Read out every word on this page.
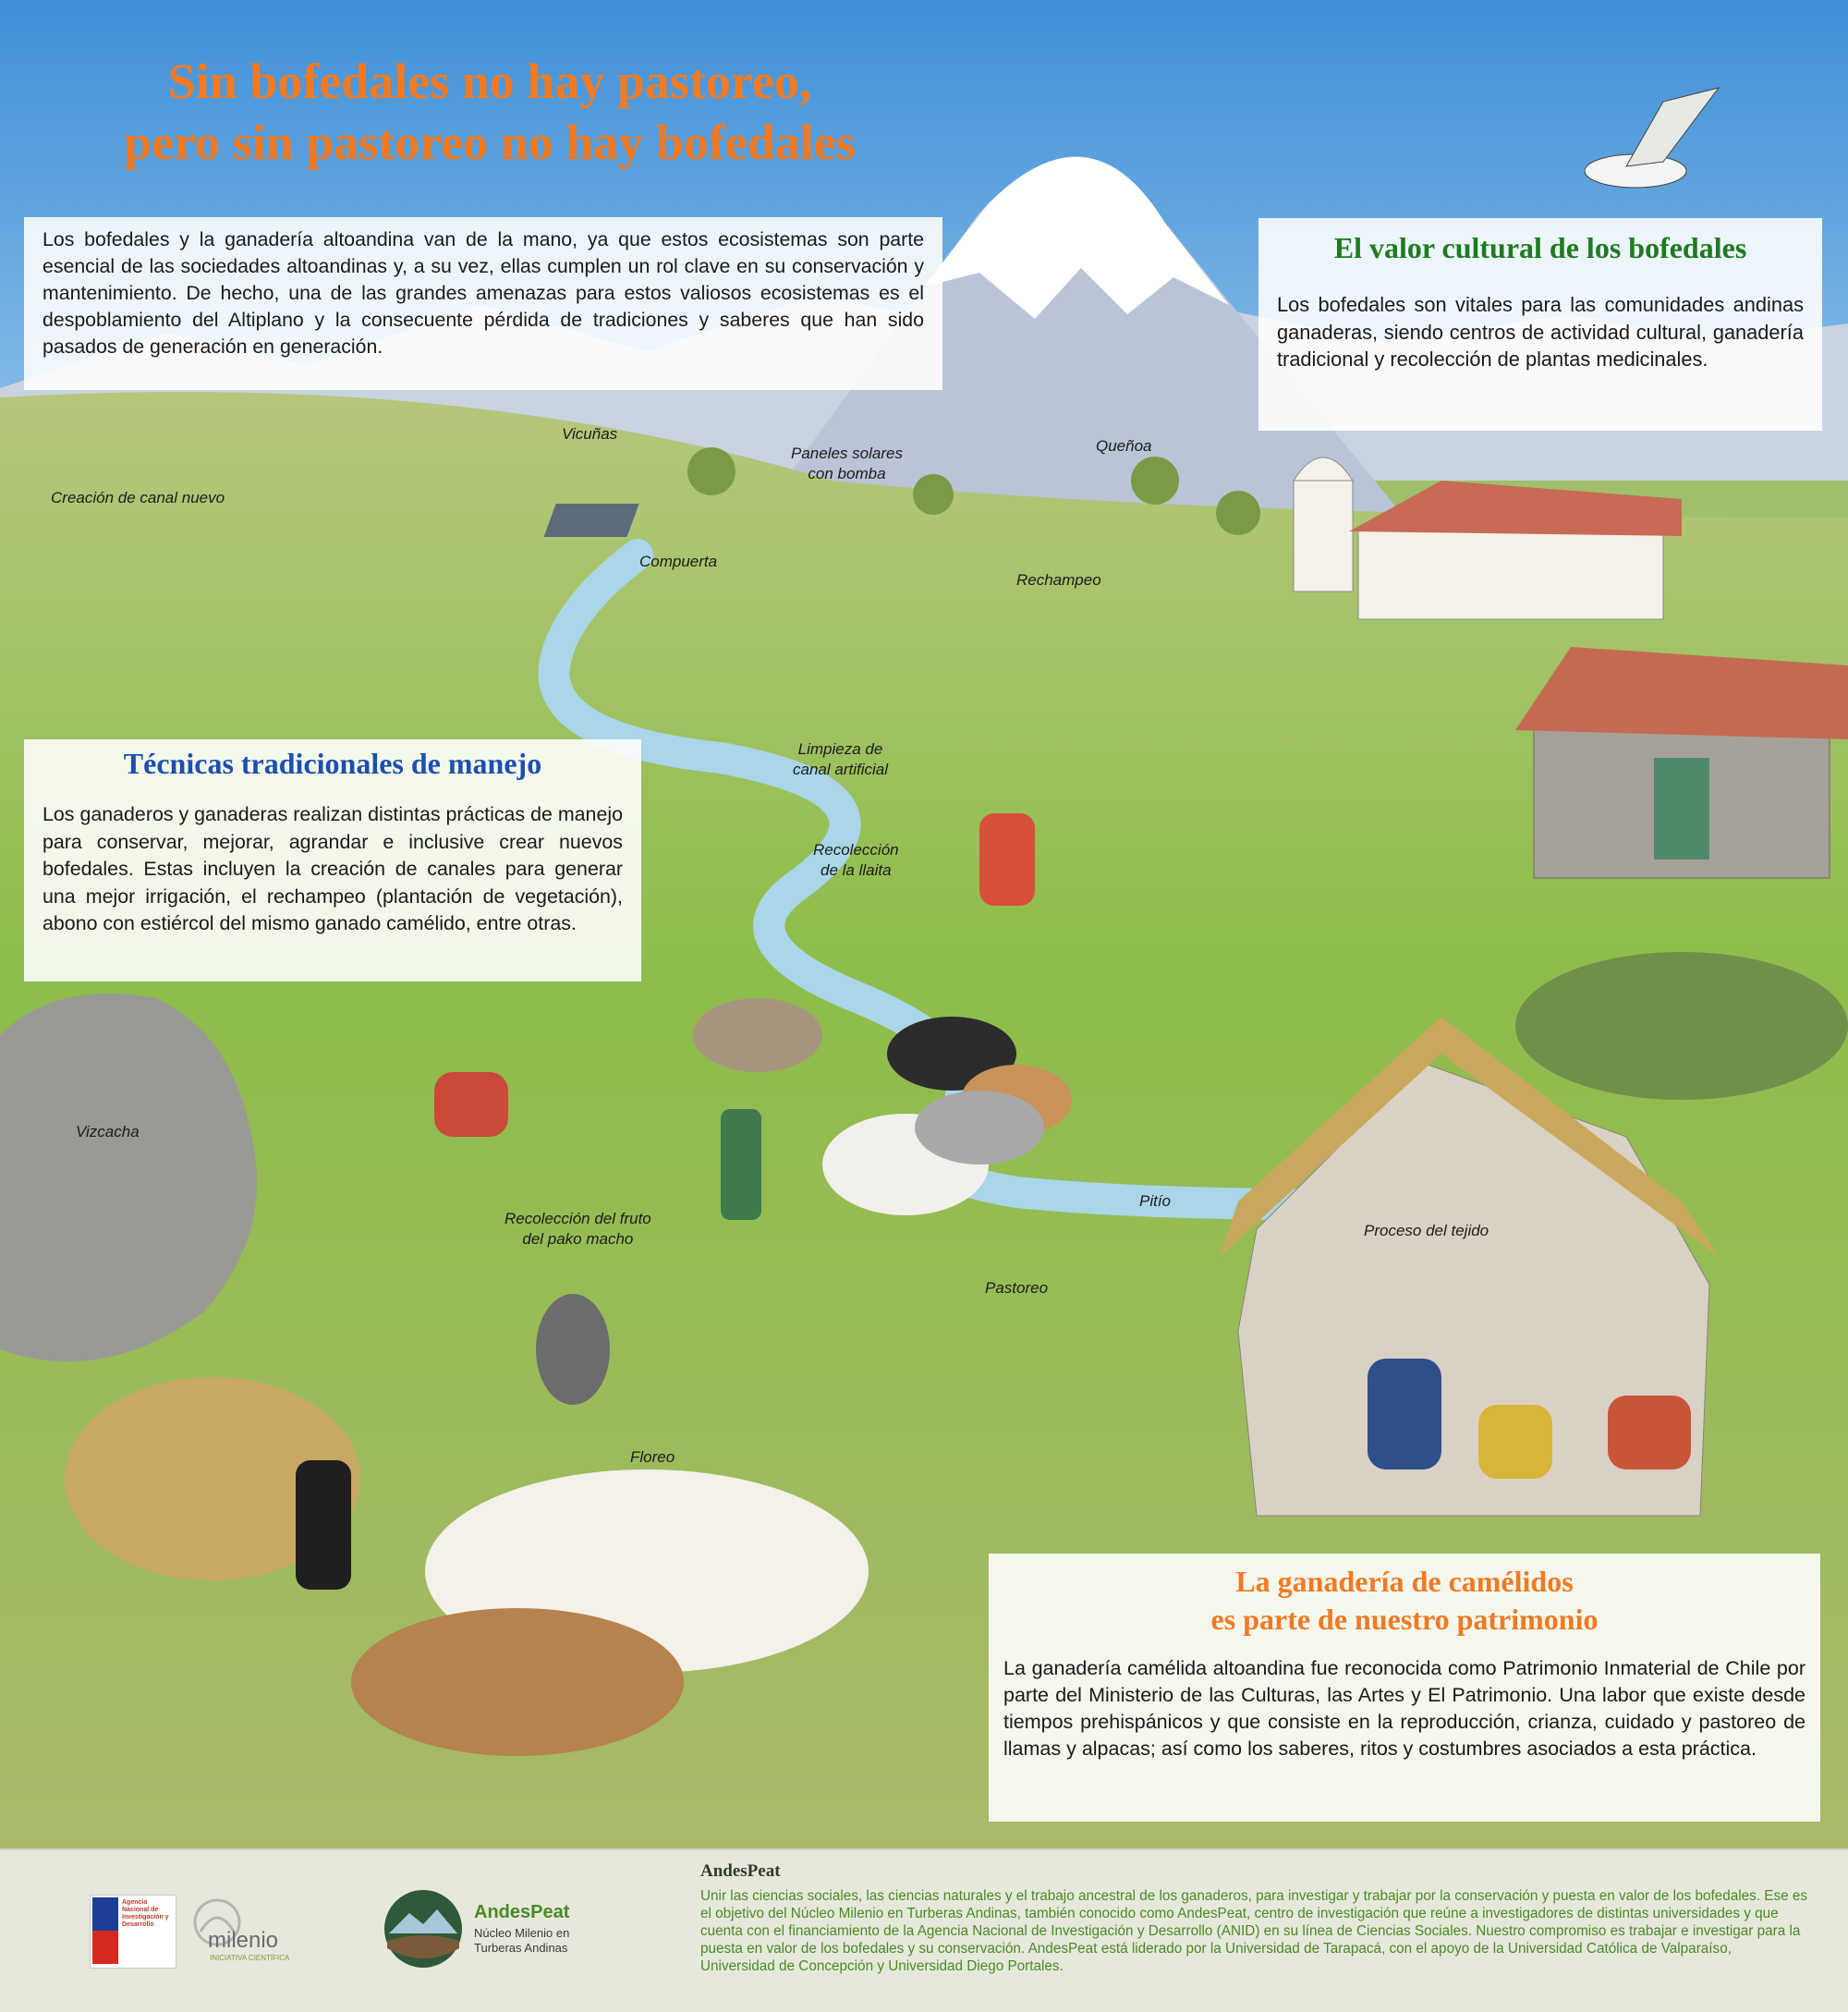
Sin bofedales no hay pastoreo,
pero sin pastoreo no hay bofedales

Los bofedales y la ganadería altoandina van de la mano, ya que estos ecosistemas son parte esencial de las sociedades altoandinas y, a su vez, ellas cumplen un rol clave en su conservación y mantenimiento. De hecho, una de las grandes amenazas para estos valiosos ecosistemas es el despoblamiento del Altiplano y la consecuente pérdida de tradiciones y saberes que han sido pasados de generación en generación.

El valor cultural de los bofedales

Los bofedales son vitales para las comunidades andinas ganaderas, siendo centros de actividad cultural, ganadería tradicional y recolección de plantas medicinales.

Técnicas tradicionales de manejo

Los ganaderos y ganaderas realizan distintas prácticas de manejo para conservar, mejorar, agrandar e inclusive crear nuevos bofedales. Estas incluyen la creación de canales para generar una mejor irrigación, el rechampeo (plantación de vegetación), abono con estiércol del mismo ganado camélido, entre otras.

La ganadería de camélidos
es parte de nuestro patrimonio

La ganadería camélida altoandina fue reconocida como Patrimonio Inmaterial de Chile por parte del Ministerio de las Culturas, las Artes y El Patrimonio. Una labor que existe desde tiempos prehispánicos y que consiste en la reproducción, crianza, cuidado y pastoreo de llamas y alpacas; así como los saberes, ritos y costumbres asociados a esta práctica.

Vicuñas
Creación de canal nuevo
Paneles solares
con bomba
Queñoa
Compuerta
Rechampeo
Limpieza de
canal artificial
Recolección
de la llaita
Vizcacha
Recolección del fruto
del pako macho
Pitío
Proceso del tejido
Pastoreo
Floreo
Agencia Nacional de Investigación y Desarrollo
milenio
INICIATIVA CIENTÍFICA
AndesPeat
Núcleo Milenio en
Turberas Andinas
AndesPeat

Unir las ciencias sociales, las ciencias naturales y el trabajo ancestral de los ganaderos, para investigar y trabajar por la conservación y puesta en valor de los bofedales. Ese es el objetivo del Núcleo Milenio en Turberas Andinas, también conocido como AndesPeat, centro de investigación que reúne a investigadores de distintas universidades y que cuenta con el financiamiento de la Agencia Nacional de Investigación y Desarrollo (ANID) en su línea de Ciencias Sociales. Nuestro compromiso es trabajar e investigar para la puesta en valor de los bofedales y su conservación. AndesPeat está liderado por la Universidad de Tarapacá, con el apoyo de la Universidad Católica de Valparaíso, Universidad de Concepción y Universidad Diego Portales.
